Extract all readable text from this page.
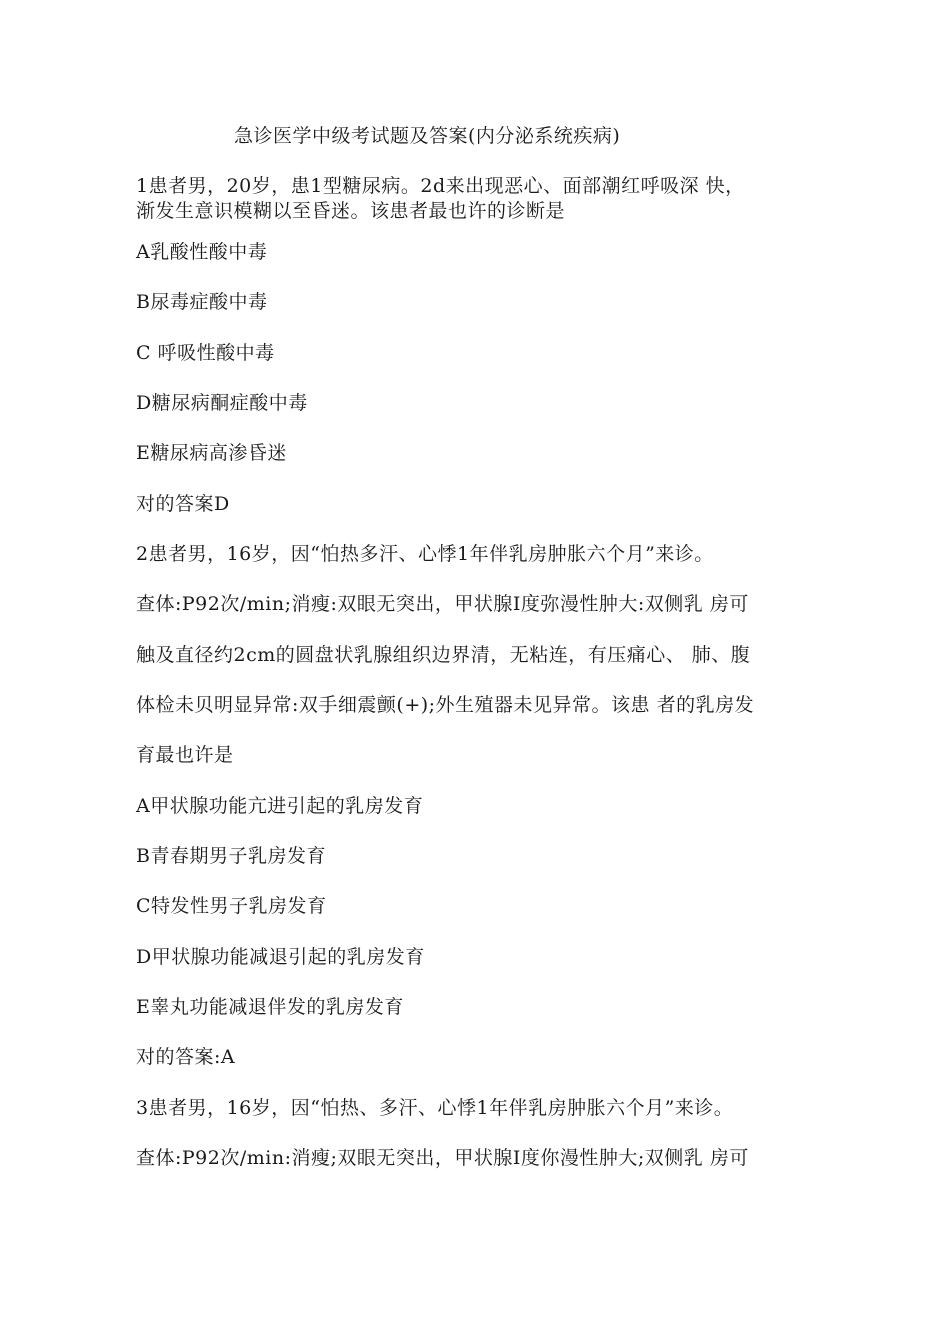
急诊医学中级考试题及答案(内分泌系统疾病)
1患者男，20岁，患1型糖尿病。2d来出现恶心、面部潮红呼吸深 快，
渐发生意识模糊以至昏迷。该患者最也许的诊断是
A乳酸性酸中毒
B尿毒症酸中毒
C 呼吸性酸中毒
D糖尿病酮症酸中毒
E糖尿病高渗昏迷
对的答案D
2患者男，16岁，因“怕热多汗、心悸1年伴乳房肿胀六个月”来诊。
查体:P92次/min;消瘦:双眼无突出，甲状腺I度弥漫性肿大:双侧乳 房可
触及直径约2cm的圆盘状乳腺组织边界清，无粘连，有压痛心、 肺、腹
体检未贝明显异常:双手细震颤(+);外生殖器未见异常。该患 者的乳房发
育最也许是
A甲状腺功能亢进引起的乳房发育
B青春期男子乳房发育
C特发性男子乳房发育
D甲状腺功能减退引起的乳房发育
E睾丸功能减退伴发的乳房发育
对的答案:A
3患者男，16岁，因“怕热、多汗、心悸1年伴乳房肿胀六个月”来诊。
查体:P92次/min:消瘦;双眼无突出，甲状腺I度你漫性肿大;双侧乳 房可
